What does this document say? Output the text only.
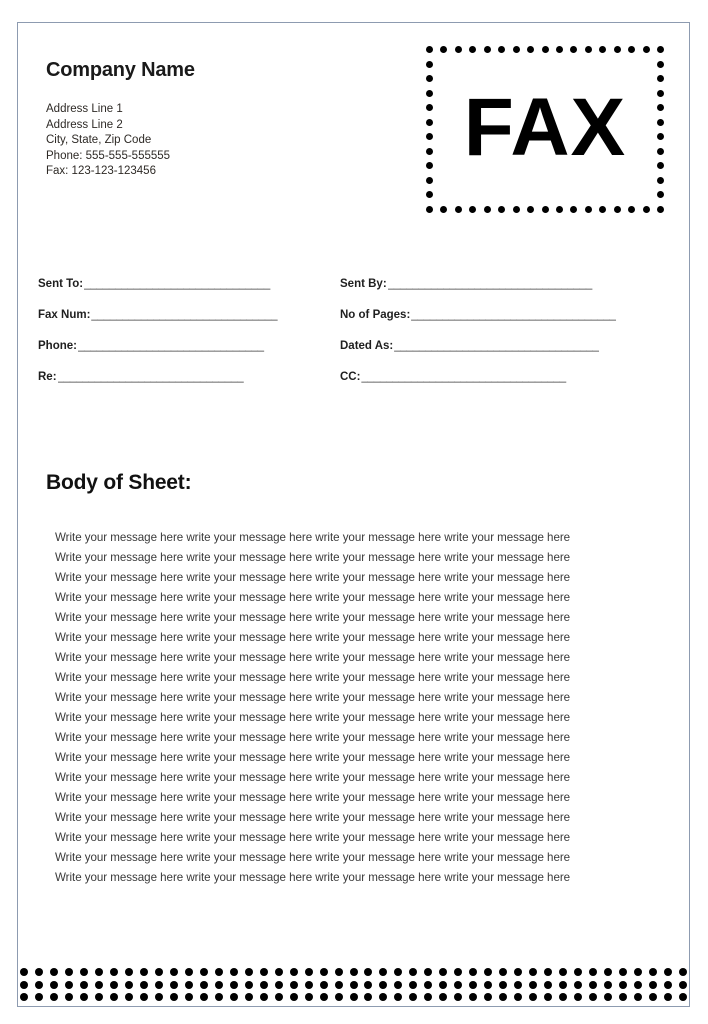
Company Name
Address Line 1
Address Line 2
City, State, Zip Code
Phone: 555-555-555555
Fax: 123-123-123456	FAX
Sent To: ______________________________	Sent By: _________________________________
Fax Num: ______________________________	No of Pages: _________________________________
Phone: ______________________________	Dated As: _________________________________
Re: ______________________________	CC: _________________________________
Body of Sheet:
Write your message here write your message here write your message here write your message here
Write your message here write your message here write your message here write your message here
Write your message here write your message here write your message here write your message here
Write your message here write your message here write your message here write your message here
Write your message here write your message here write your message here write your message here
Write your message here write your message here write your message here write your message here
Write your message here write your message here write your message here write your message here
Write your message here write your message here write your message here write your message here
Write your message here write your message here write your message here write your message here
Write your message here write your message here write your message here write your message here
Write your message here write your message here write your message here write your message here
Write your message here write your message here write your message here write your message here
Write your message here write your message here write your message here write your message here
Write your message here write your message here write your message here write your message here
Write your message here write your message here write your message here write your message here
Write your message here write your message here write your message here write your message here
Write your message here write your message here write your message here write your message here
Write your message here write your message here write your message here write your message here
